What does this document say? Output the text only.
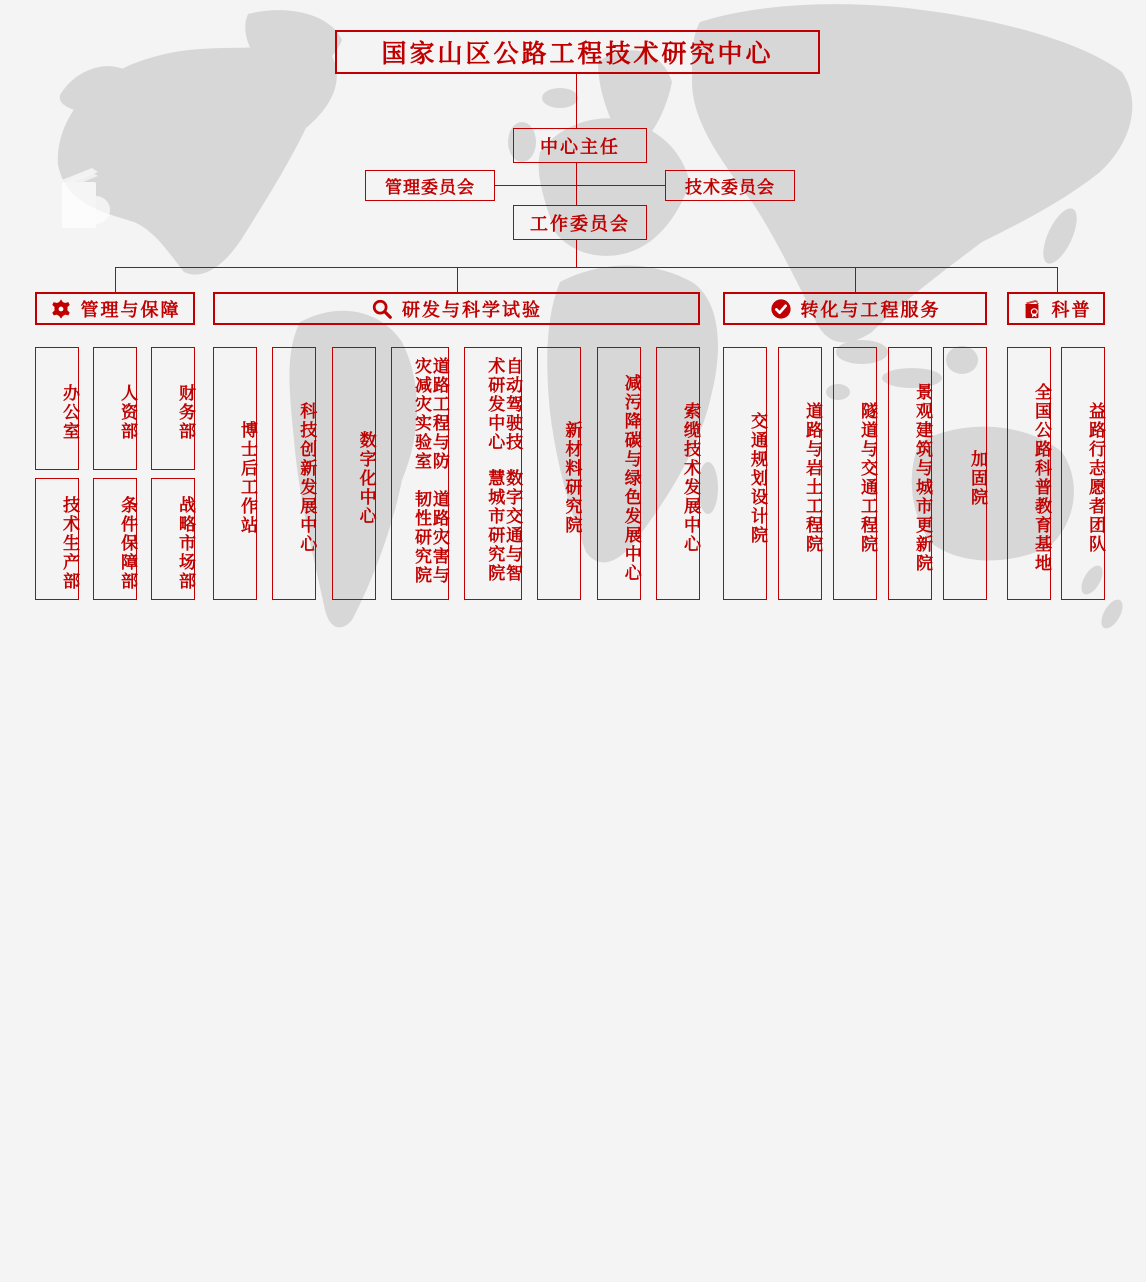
国家山区公路工程技术研究中心
中心主任
管理委员会	技术委员会
工作委员会
管理与保障
办公室 人资部 财务部
技术生产部 条件保障部 战略市场部
研发与科学试验
博士后工作站 科技创新发展中心 数字化中心
道路工程与防灾减灾实验室
道路灾害与韧性研究院
自动驾驶技术研发中心
数字交通与智慧城市研究院	新材料研究院 减污降碳与绿色发展中心 索缆技术发展中心
转化与工程服务
交通规划设计院 道路与岩土工程院 隧道与交通工程院 景观建筑与城市更新院 加固院
科普
全国公路科普教育基地 益路行志愿者团队
